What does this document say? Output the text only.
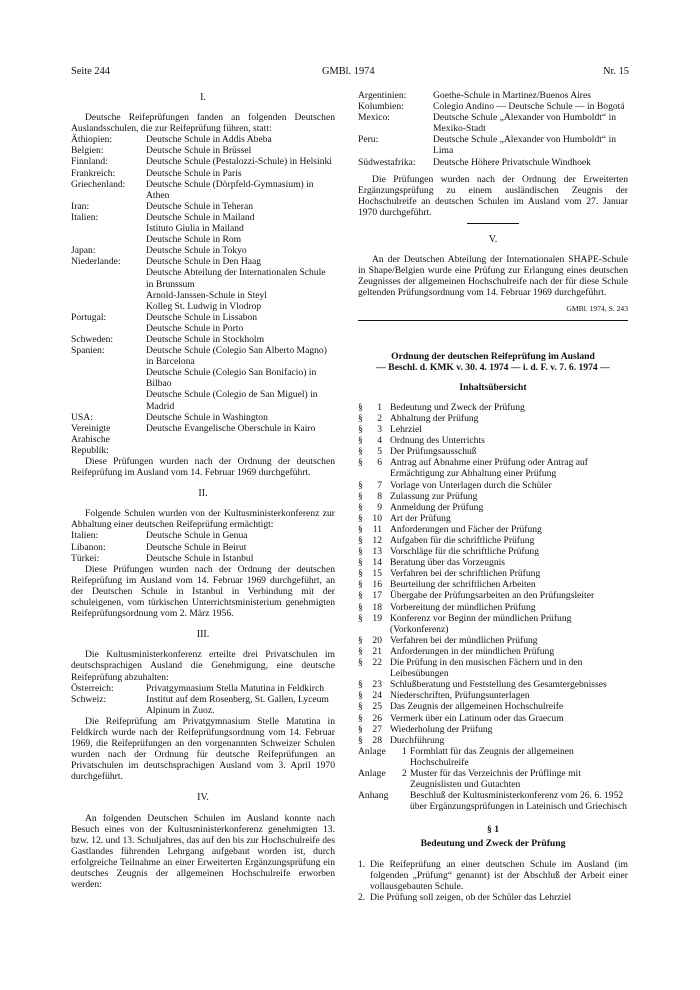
Seite 244	GMBl. 1974	Nr. 15
I.
Deutsche Reifeprüfungen fanden an folgenden Deutschen Auslandsschulen, die zur Reifeprüfung führen, statt:
Äthiopien:	Deutsche Schule in Addis Abeba
Belgien:	Deutsche Schule in Brüssel
Finnland:	Deutsche Schule (Pestalozzi-Schule) in Helsinki
Frankreich:	Deutsche Schule in Paris
Griechenland:	Deutsche Schule (Dörpfeld-Gymnasium) in Athen
Iran:	Deutsche Schule in Teheran
Italien:	Deutsche Schule in Mailand
Istituto Giulia in Mailand
Deutsche Schule in Rom
Japan:	Deutsche Schule in Tokyo
Niederlande:	Deutsche Schule in Den Haag
Deutsche Abteilung der Internationalen Schule in Brunssum
Arnold-Janssen-Schule in Steyl
Kolleg St. Ludwig in Vlodrop
Portugal:	Deutsche Schule in Lissabon
Deutsche Schule in Porto
Schweden:	Deutsche Schule in Stockholm
Spanien:	Deutsche Schule (Colegio San Alberto Magno) in Barcelona
Deutsche Schule (Colegio San Bonifacio) in Bilbao
Deutsche Schule (Colegio de San Miguel) in Madrid
USA:	Deutsche Schule in Washington
Vereinigte Arabische Republik:
Deutsche Evangelische Oberschule in Kairo
Diese Prüfungen wurden nach der Ordnung der deutschen Reifeprüfung im Ausland vom 14. Februar 1969 durchgeführt.
II.
Folgende Schulen wurden von der Kultusministerkonferenz zur Abhaltung einer deutschen Reifeprüfung ermächtigt:
Italien:	Deutsche Schule in Genua
Libanon:	Deutsche Schule in Beirut
Türkei:	Deutsche Schule in Istanbul
Diese Prüfungen wurden nach der Ordnung der deutschen Reifeprüfung im Ausland vom 14. Februar 1969 durchgeführt, an der Deutschen Schule in Istanbul in Verbindung mit der schuleigenen, vom türkischen Unterrichtsministerium genehmigten Reifeprüfungsordnung vom 2. März 1956.
III.
Die Kultusministerkonferenz erteilte drei Privatschulen im deutschsprachigen Ausland die Genehmigung, eine deutsche Reifeprüfung abzuhalten:
Österreich:	Privatgymnasium Stella Matutina in Feldkirch
Schweiz:	Institut auf dem Rosenberg, St. Gallen, Lyceum Alpinum in Zuoz.
Die Reifeprüfung am Privatgymnasium Stelle Matutina in Feldkirch wurde nach der Reifeprüfungsordnung vom 14. Februar 1969, die Reifeprüfungen an den vorgenannten Schweizer Schulen wurden nach der Ordnung für deutsche Reifeprüfungen an Privatschulen im deutschsprachigen Ausland vom 3. April 1970 durchgeführt.
IV.
An folgenden Deutschen Schulen im Ausland konnte nach Besuch eines von der Kultusministerkonferenz genehmigten 13. bzw. 12. und 13. Schuljahres, das auf den bis zur Hochschulreife des Gastlandes führenden Lehrgang aufgebaut worden ist, durch erfolgreiche Teilnahme an einer Erweiterten Ergänzungsprüfung ein deutsches Zeugnis der allgemeinen Hochschulreife erworben werden:
Argentinien:	Goethe-Schule in Martinez/Buenos Aires
Kolumbien:	Colegio Andino — Deutsche Schule — in Bogotá
Mexico:	Deutsche Schule „Alexander von Humboldt“ in Mexiko-Stadt
Peru:	Deutsche Schule „Alexander von Humboldt“ in Lima
Südwestafrika:	Deutsche Höhere Privatschule Windhoek
Die Prüfungen wurden nach der Ordnung der Erweiterten Ergänzungsprüfung zu einem ausländischen Zeugnis der Hochschulreife an deutschen Schulen im Ausland vom 27. Januar 1970 durchgeführt.
V.
An der Deutschen Abteilung der Internationalen SHAPE-Schule in Shape/Belgien wurde eine Prüfung zur Erlangung eines deutschen Zeugnisses der allgemeinen Hochschulreife nach der für diese Schule geltenden Prüfungsordnung vom 14. Februar 1969 durchgeführt.
GMBl. 1974, S. 243
Ordnung der deutschen Reifeprüfung im Ausland
— Beschl. d. KMK v. 30. 4. 1974 — i. d. F. v. 7. 6. 1974 —
Inhaltsübersicht
§	1 Bedeutung und Zweck der Prüfung
§	2 Abhaltung der Prüfung
§	3 Lehrziel
§	4 Ordnung des Unterrichts
§	5 Der Prüfungsausschuß
§	6 Antrag auf Abnahme einer Prüfung oder Antrag auf Ermächtigung zur Abhaltung einer Prüfung
§	7 Vorlage von Unterlagen durch die Schüler
§	8 Zulassung zur Prüfung
§	9 Anmeldung der Prüfung
§	10 Art der Prüfung
§	11 Anforderungen und Fächer der Prüfung
§	12 Aufgaben für die schriftliche Prüfung
§	13 Vorschläge für die schriftliche Prüfung
§	14 Beratung über das Vorzeugnis
§	15 Verfahren bei der schriftlichen Prüfung
§	16 Beurteilung der schriftlichen Arbeiten
§	17 Übergabe der Prüfungsarbeiten an den Prüfungsleiter
§	18 Vorbereitung der mündlichen Prüfung
§	19 Konferenz vor Beginn der mündlichen Prüfung (Vorkonferenz)
§	20 Verfahren bei der mündlichen Prüfung
§	21 Anforderungen in der mündlichen Prüfung
§	22 Die Prüfung in den musischen Fächern und in den Leibesübungen
§	23 Schlußberatung und Feststellung des Gesamtergebnisses
§	24 Niederschriften, Prüfungsunterlagen
§	25 Das Zeugnis der allgemeinen Hochschulreife
§	26 Vermerk über ein Latinum oder das Graecum
§	27 Wiederholung der Prüfung
§	28 Durchführung
Anlage	1 Formblatt für das Zeugnis der allgemeinen Hochschulreife
Anlage	2 Muster für das Verzeichnis der Prüflinge mit Zeugnislisten und Gutachten
Anhang	Beschluß der Kultusministerkonferenz vom 26. 6. 1952 über Ergänzungsprüfungen in Lateinisch und Griechisch
§ 1
Bedeutung und Zweck der Prüfung
1. Die Reifeprüfung an einer deutschen Schule im Ausland (im folgenden „Prüfung“ genannt) ist der Abschluß der Arbeit einer vollausgebauten Schule.
2. Die Prüfung soll zeigen, ob der Schüler das Lehrziel
